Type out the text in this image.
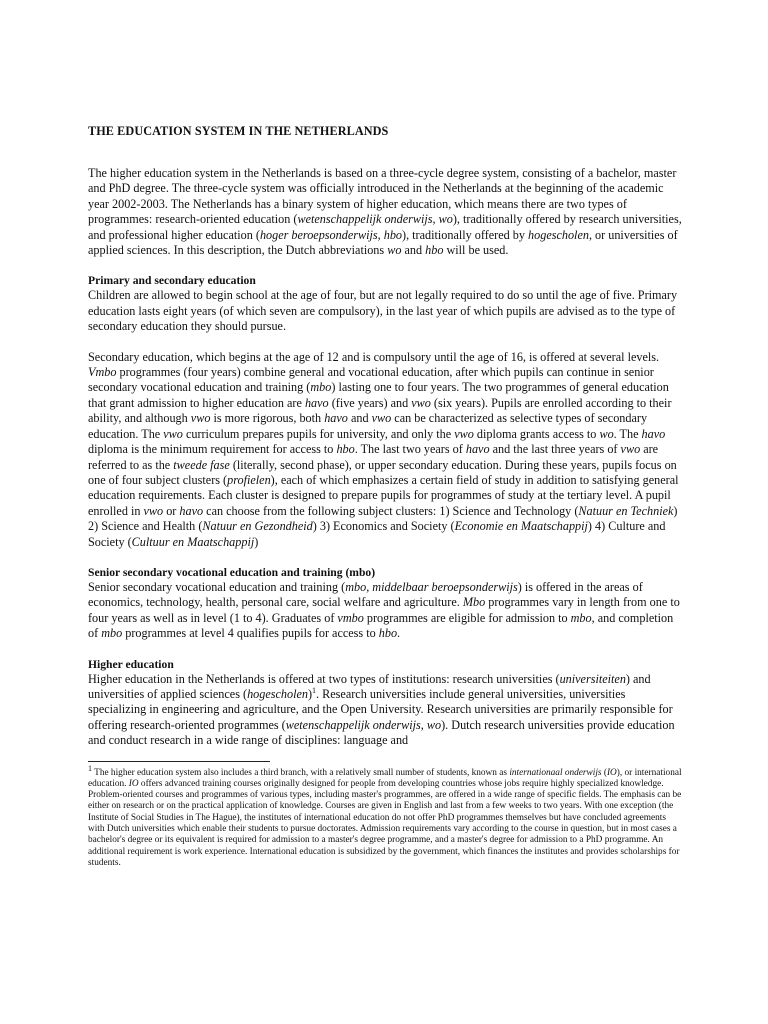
THE EDUCATION SYSTEM IN THE NETHERLANDS

The higher education system in the Netherlands is based on a three-cycle degree system, consisting of a bachelor, master and PhD degree. The three-cycle system was officially introduced in the Netherlands at the beginning of the academic year 2002-2003. The Netherlands has a binary system of higher education, which means there are two types of programmes: research-oriented education (wetenschappelijk onderwijs, wo), traditionally offered by research universities, and professional higher education (hoger beroepsonderwijs, hbo), traditionally offered by hogescholen, or universities of applied sciences. In this description, the Dutch abbreviations wo and hbo will be used.

Primary and secondary education

Children are allowed to begin school at the age of four, but are not legally required to do so until the age of five. Primary education lasts eight years (of which seven are compulsory), in the last year of which pupils are advised as to the type of secondary education they should pursue.

Secondary education, which begins at the age of 12 and is compulsory until the age of 16, is offered at several levels. Vmbo programmes (four years) combine general and vocational education, after which pupils can continue in senior secondary vocational education and training (mbo) lasting one to four years. The two programmes of general education that grant admission to higher education are havo (five years) and vwo (six years). Pupils are enrolled according to their ability, and although vwo is more rigorous, both havo and vwo can be characterized as selective types of secondary education. The vwo curriculum prepares pupils for university, and only the vwo diploma grants access to wo. The havo diploma is the minimum requirement for access to hbo. The last two years of havo and the last three years of vwo are referred to as the tweede fase (literally, second phase), or upper secondary education. During these years, pupils focus on one of four subject clusters (profielen), each of which emphasizes a certain field of study in addition to satisfying general education requirements. Each cluster is designed to prepare pupils for programmes of study at the tertiary level. A pupil enrolled in vwo or havo can choose from the following subject clusters: 1) Science and Technology (Natuur en Techniek) 2) Science and Health (Natuur en Gezondheid) 3) Economics and Society (Economie en Maatschappij) 4) Culture and Society (Cultuur en Maatschappij)

Senior secondary vocational education and training (mbo)

Senior secondary vocational education and training (mbo, middelbaar beroepsonderwijs) is offered in the areas of economics, technology, health, personal care, social welfare and agriculture. Mbo programmes vary in length from one to four years as well as in level (1 to 4). Graduates of vmbo programmes are eligible for admission to mbo, and completion of mbo programmes at level 4 qualifies pupils for access to hbo.

Higher education

Higher education in the Netherlands is offered at two types of institutions: research universities (universiteiten) and universities of applied sciences (hogescholen)$^1$. Research universities include general universities, universities specializing in engineering and agriculture, and the Open University. Research universities are primarily responsible for offering research-oriented programmes (wetenschappelijk onderwijs, wo). Dutch research universities provide education and conduct research in a wide range of disciplines: language and

$^1$ The higher education system also includes a third branch, with a relatively small number of students, known as internationaal onderwijs (IO), or international education. IO offers advanced training courses originally designed for people from developing countries whose jobs require highly specialized knowledge. Problem-oriented courses and programmes of various types, including master's programmes, are offered in a wide range of specific fields. The emphasis can be either on research or on the practical application of knowledge. Courses are given in English and last from a few weeks to two years. With one exception (the Institute of Social Studies in The Hague), the institutes of international education do not offer PhD programmes themselves but have concluded agreements with Dutch universities which enable their students to pursue doctorates. Admission requirements vary according to the course in question, but in most cases a bachelor's degree or its equivalent is required for admission to a master's degree programme, and a master's degree for admission to a PhD programme. An additional requirement is work experience. International education is subsidized by the government, which finances the institutes and provides scholarships for students.
